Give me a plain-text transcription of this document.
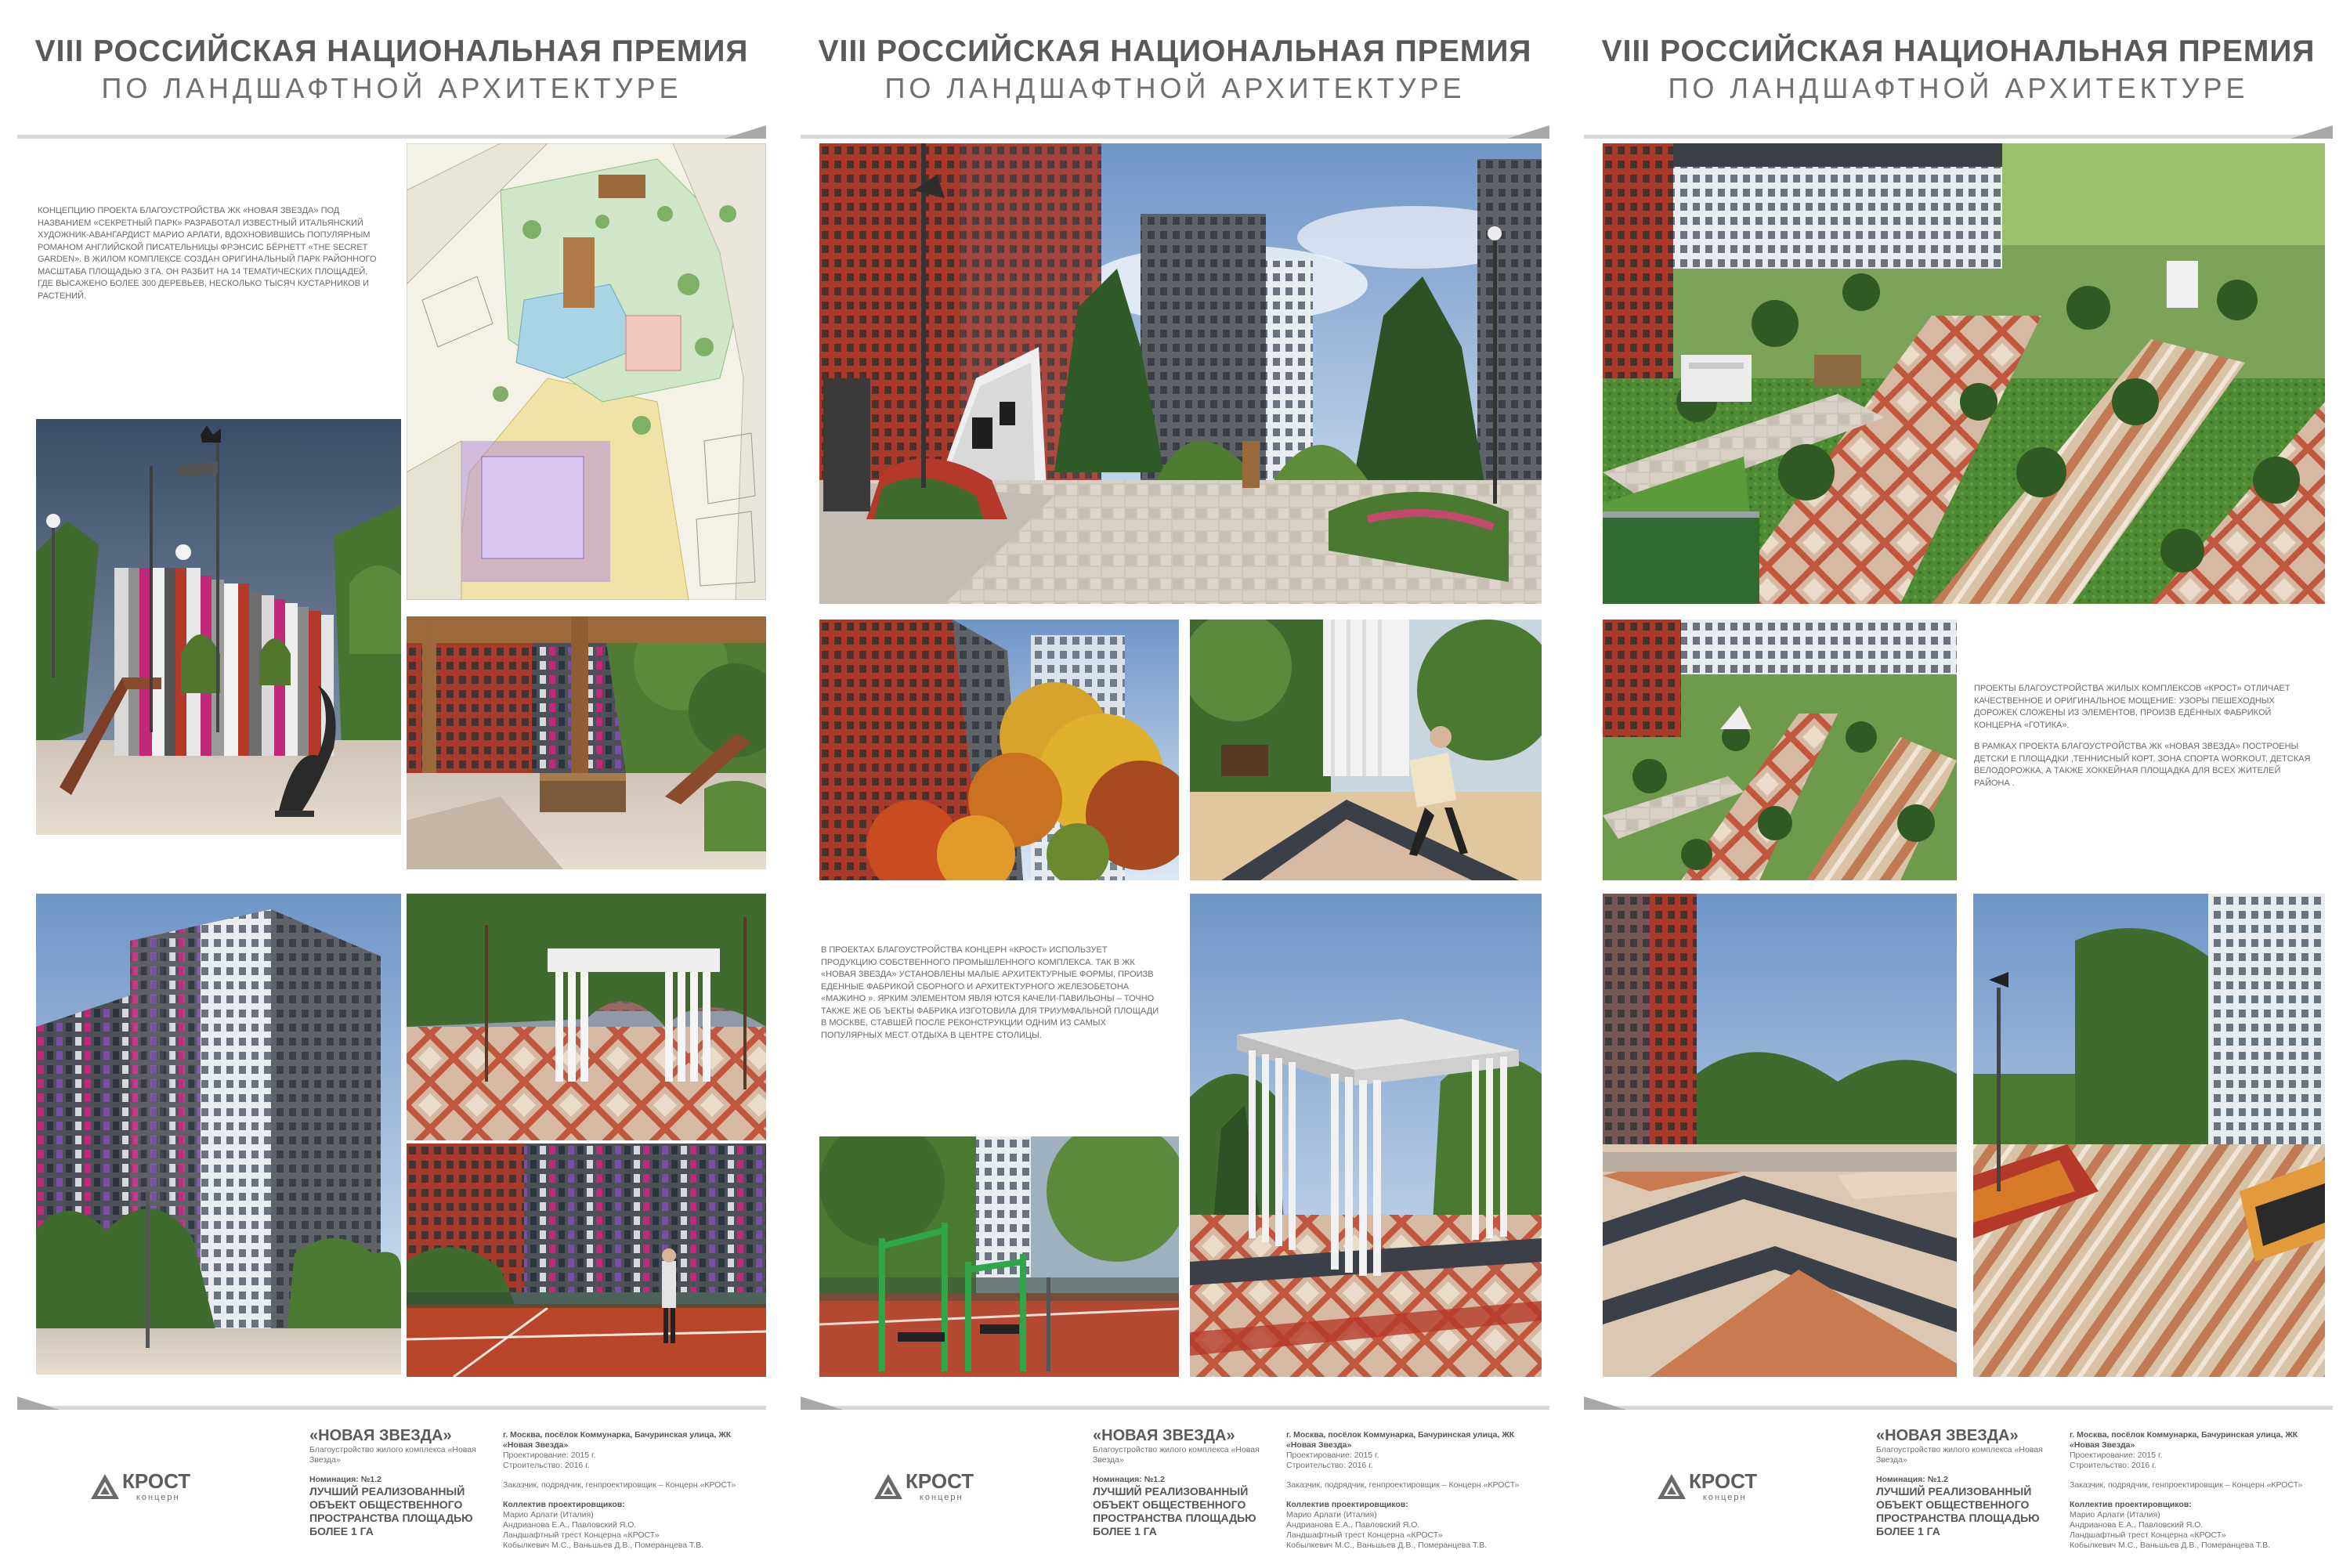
VIII РОССИЙСКАЯ НАЦИОНАЛЬНАЯ ПРЕМИЯ
ПО ЛАНДШАФТНОЙ АРХИТЕКТУРЕ

КОНЦЕПЦИЮ ПРОЕКТА БЛАГОУСТРОЙСТВА ЖК «НОВАЯ ЗВЕЗДА» ПОД НАЗВАНИЕМ «СЕКРЕТНЫЙ ПАРК» РАЗРАБОТАЛ ИЗВЕСТНЫЙ ИТАЛЬЯНСКИЙ ХУДОЖНИК-АВАНГАРДИСТ МАРИО АРЛАТИ, ВДОХНОВИВШИСЬ ПОПУЛЯРНЫМ РОМАНОМ АНГЛИЙСКОЙ ПИСАТЕЛЬНИЦЫ ФРЭНСИС БЁРНЕТТ «THE SECRET GARDEN». В ЖИЛОМ КОМПЛЕКСЕ СОЗДАН ОРИГИНАЛЬНЫЙ ПАРК РАЙОННОГО МАСШТАБА ПЛОЩАДЬЮ 3 ГА. ОН РАЗБИТ НА 14 ТЕМАТИЧЕСКИХ ПЛОЩАДЕЙ, ГДЕ ВЫСАЖЕНО БОЛЕЕ 300 ДЕРЕВЬЕВ, НЕСКОЛЬКО ТЫСЯЧ КУСТАРНИКОВ И РАСТЕНИЙ.

КРОСТ
концерн
«НОВАЯ ЗВЕЗДА»
Благоустройство жилого комплекса «Новая Звезда»
Номинация: №1.2
ЛУЧШИЙ РЕАЛИЗОВАННЫЙ ОБЪЕКТ ОБЩЕСТВЕННОГО ПРОСТРАНСТВА ПЛОЩАДЬЮ БОЛЕЕ 1 ГА
г. Москва, посёлок Коммунарка, Бачуринская улица, ЖК «Новая Звезда»
Проектирование: 2015 г.
Строительство: 2016 г.
Заказчик, подрядчик, генпроектировщик – Концерн «КРОСТ»
Коллектив проектировщиков:
Марио Арлати (Италия)
Андрианова Е.А., Павловский Я.О.
Ландшафтный трест Концерна «КРОСТ»
Кобылкевич М.С., Ваньшьев Д.В., Померанцева Т.В.
VIII РОССИЙСКАЯ НАЦИОНАЛЬНАЯ ПРЕМИЯ
ПО ЛАНДШАФТНОЙ АРХИТЕКТУРЕ

В ПРОЕКТАХ БЛАГОУСТРОЙСТВА КОНЦЕРН «КРОСТ» ИСПОЛЬЗУЕТ ПРОДУКЦИЮ СОБСТВЕННОГО ПРОМЫШЛЕННОГО КОМПЛЕКСА. ТАК В ЖК «НОВАЯ ЗВЕЗДА» УСТАНОВЛЕНЫ МАЛЫЕ АРХИТЕКТУРНЫЕ ФОРМЫ, ПРОИЗВ ЕДЕННЫЕ ФАБРИКОЙ СБОРНОГО И АРХИТЕКТУРНОГО ЖЕЛЕЗОБЕТОНА «МАЖИНО ». ЯРКИМ ЭЛЕМЕНТОМ ЯВЛЯ ЮТСЯ КАЧЕЛИ-ПАВИЛЬОНЫ – ТОЧНО ТАКЖЕ ЖЕ ОБ ЪЕКТЫ ФАБРИКА ИЗГОТОВИЛА ДЛЯ ТРИУМФАЛЬНОЙ ПЛОЩАДИ В МОСКВЕ, СТАВШЕЙ ПОСЛЕ РЕКОНСТРУКЦИИ ОДНИМ ИЗ САМЫХ ПОПУЛЯРНЫХ МЕСТ ОТДЫХА В ЦЕНТРЕ СТОЛИЦЫ.

КРОСТ
концерн
«НОВАЯ ЗВЕЗДА»
Благоустройство жилого комплекса «Новая Звезда»
Номинация: №1.2
ЛУЧШИЙ РЕАЛИЗОВАННЫЙ ОБЪЕКТ ОБЩЕСТВЕННОГО ПРОСТРАНСТВА ПЛОЩАДЬЮ БОЛЕЕ 1 ГА
г. Москва, посёлок Коммунарка, Бачуринская улица, ЖК «Новая Звезда»
Проектирование: 2015 г.
Строительство: 2016 г.
Заказчик, подрядчик, генпроектировщик – Концерн «КРОСТ»
Коллектив проектировщиков:
Марио Арлати (Италия)
Андрианова Е.А., Павловский Я.О.
Ландшафтный трест Концерна «КРОСТ»
Кобылкевич М.С., Ваньшьев Д.В., Померанцева Т.В.
VIII РОССИЙСКАЯ НАЦИОНАЛЬНАЯ ПРЕМИЯ
ПО ЛАНДШАФТНОЙ АРХИТЕКТУРЕ

ПРОЕКТЫ БЛАГОУСТРОЙСТВА ЖИЛЫХ КОМПЛЕКСОВ «КРОСТ» ОТЛИЧАЕТ КАЧЕСТВЕННОЕ И ОРИГИНАЛЬНОЕ МОЩЕНИЕ: УЗОРЫ ПЕШЕХОДНЫХ ДОРОЖЕК СЛОЖЕНЫ ИЗ ЭЛЕМЕНТОВ, ПРОИЗВ ЕДЁННЫХ ФАБРИКОЙ КОНЦЕРНА «ГОТИКА».

В РАМКАХ ПРОЕКТА БЛАГОУСТРОЙСТВА ЖК «НОВАЯ ЗВЕЗДА» ПОСТРОЕНЫ ДЕТСКИ Е ПЛОЩАДКИ ,ТЕННИСНЫЙ КОРТ, ЗОНА СПОРТА WORKOUT, ДЕТСКАЯ ВЕЛОДОРОЖКА, А ТАКЖЕ ХОККЕЙНАЯ ПЛОЩАДКА ДЛЯ ВСЕХ ЖИТЕЛЕЙ РАЙОНА .

КРОСТ
концерн
«НОВАЯ ЗВЕЗДА»
Благоустройство жилого комплекса «Новая Звезда»
Номинация: №1.2
ЛУЧШИЙ РЕАЛИЗОВАННЫЙ ОБЪЕКТ ОБЩЕСТВЕННОГО ПРОСТРАНСТВА ПЛОЩАДЬЮ БОЛЕЕ 1 ГА
г. Москва, посёлок Коммунарка, Бачуринская улица, ЖК «Новая Звезда»
Проектирование: 2015 г.
Строительство: 2016 г.
Заказчик, подрядчик, генпроектировщик – Концерн «КРОСТ»
Коллектив проектировщиков:
Марио Арлати (Италия)
Андрианова Е.А., Павловский Я.О.
Ландшафтный трест Концерна «КРОСТ»
Кобылкевич М.С., Ваньшьев Д.В., Померанцева Т.В.
